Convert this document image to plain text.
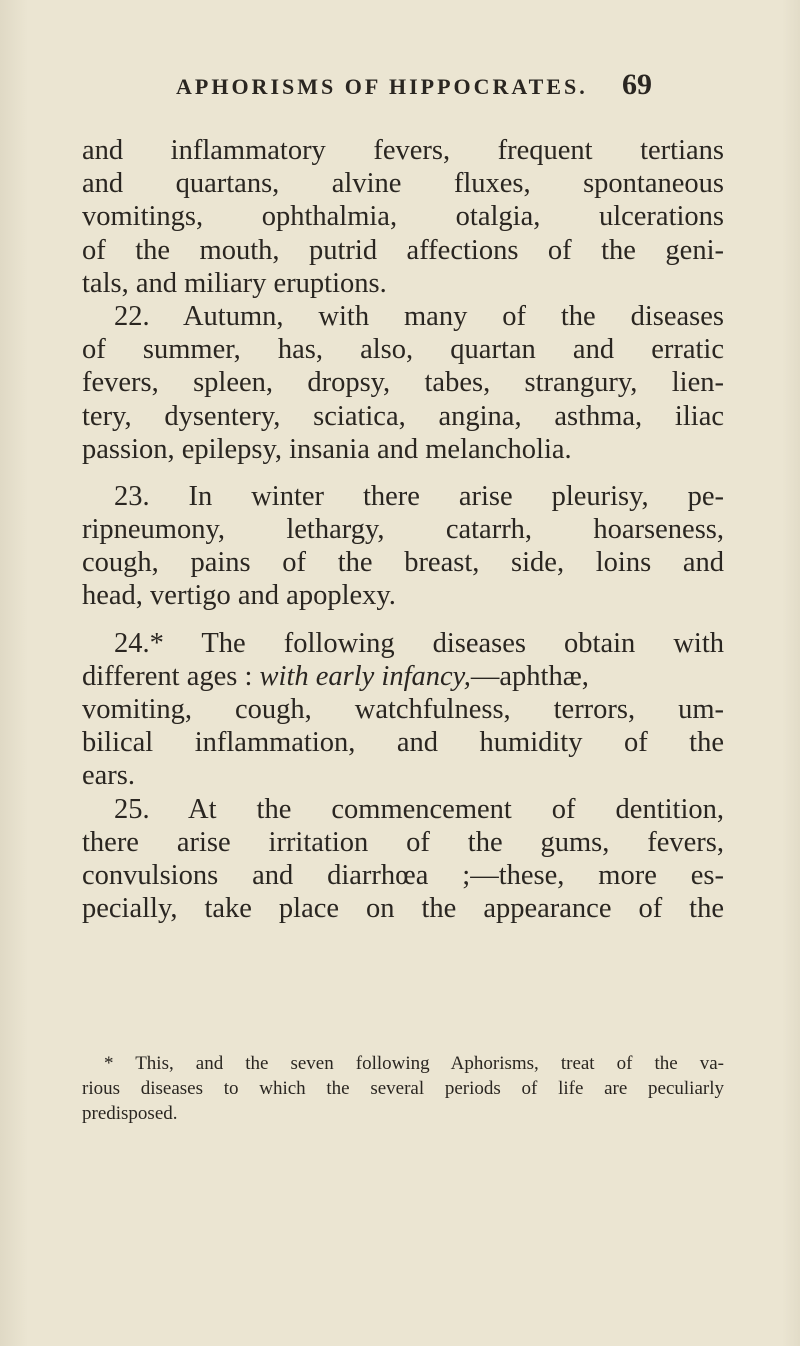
APHORISMS OF HIPPOCRATES.	69
and inflammatory fevers, frequent tertians
and quartans, alvine fluxes, spontaneous
vomitings, ophthalmia, otalgia, ulcerations
of the mouth, putrid affections of the geni-
tals, and miliary eruptions.
22. Autumn, with many of the diseases
of summer, has, also, quartan and erratic
fevers, spleen, dropsy, tabes, strangury, lien-
tery, dysentery, sciatica, angina, asthma, iliac
passion, epilepsy, insania and melancholia.
23. In winter there arise pleurisy, pe-
ripneumony, lethargy, catarrh, hoarseness,
cough, pains of the breast, side, loins and
head, vertigo and apoplexy.
24.* The following diseases obtain with
different ages : with early infancy,—aphthæ,
vomiting, cough, watchfulness, terrors, um-
bilical inflammation, and humidity of the
ears.
25. At the commencement of dentition,
there arise irritation of the gums, fevers,
convulsions and diarrhœa ;—these, more es-
pecially, take place on the appearance of the
* This, and the seven following Aphorisms, treat of the va-
rious diseases to which the several periods of life are peculiarly
predisposed.
